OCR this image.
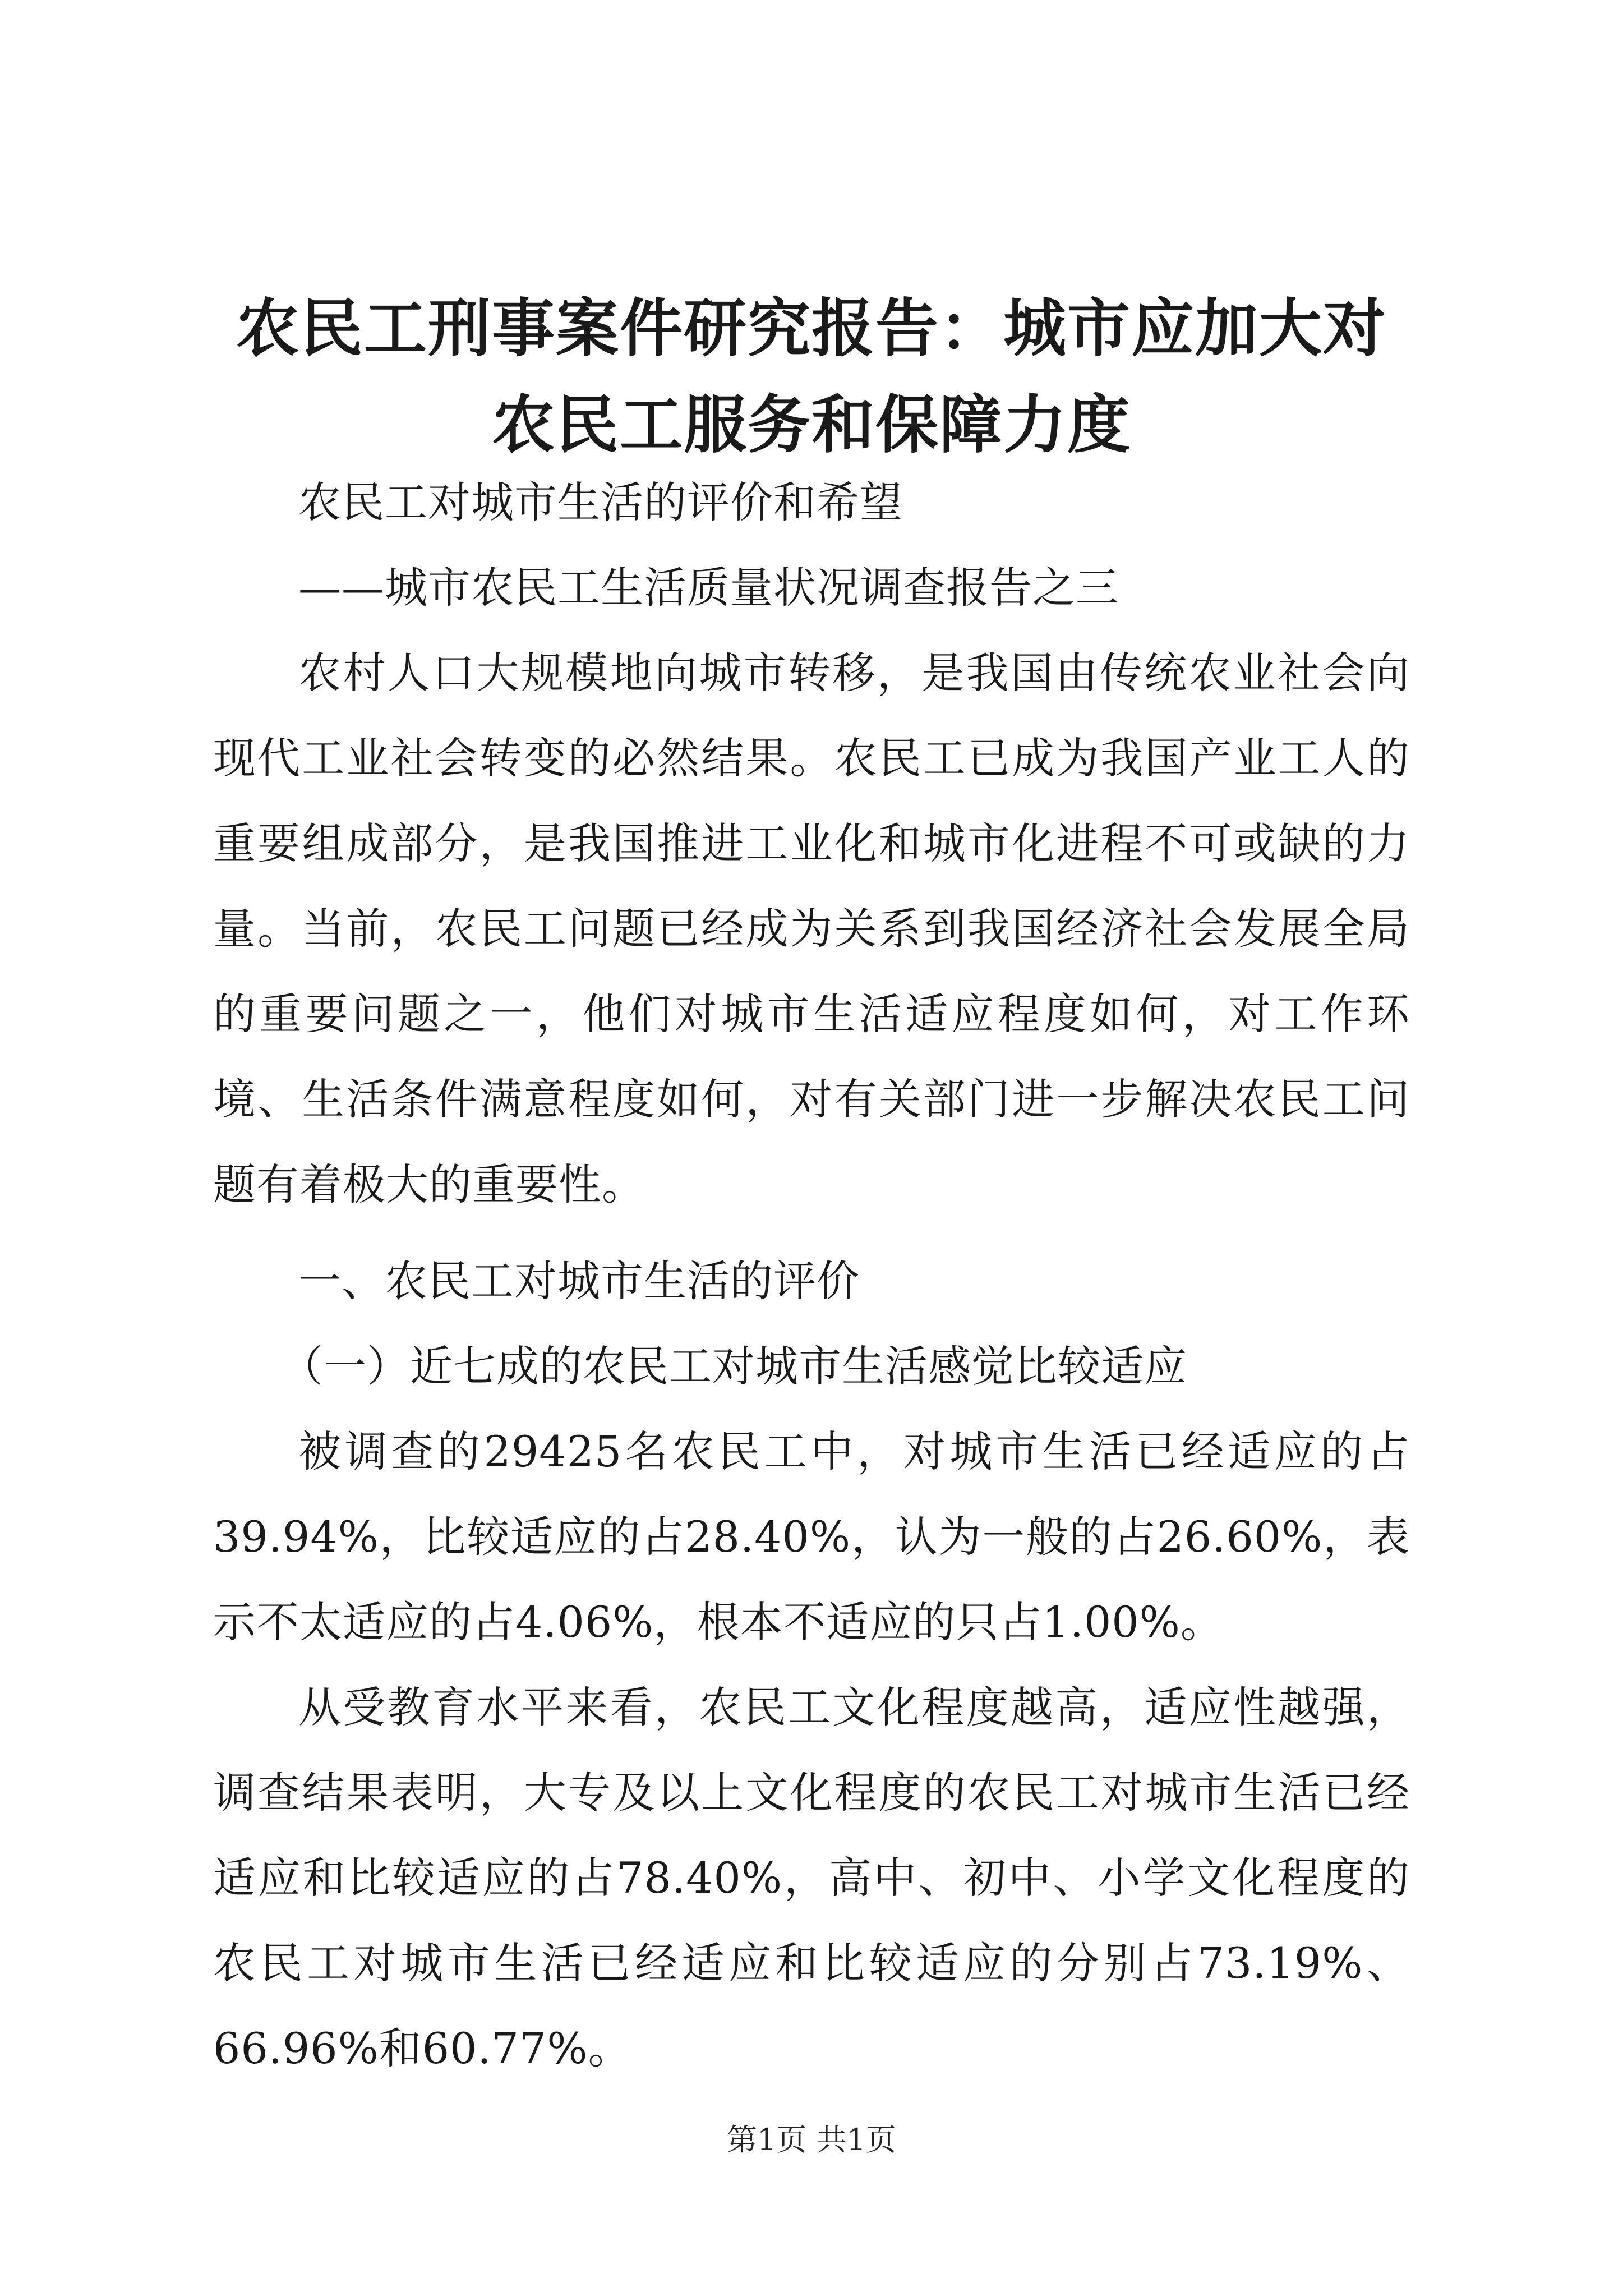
农民工刑事案件研究报告：城市应加大对农民工服务和保障力度

农民工对城市生活的评价和希望

——城市农民工生活质量状况调查报告之三

农村人口大规模地向城市转移，是我国由传统农业社会向现代工业社会转变的必然结果。农民工已成为我国产业工人的重要组成部分，是我国推进工业化和城市化进程不可或缺的力量。当前，农民工问题已经成为关系到我国经济社会发展全局的重要问题之一，他们对城市生活适应程度如何，对工作环境、生活条件满意程度如何，对有关部门进一步解决农民工问题有着极大的重要性。

一、农民工对城市生活的评价

（一）近七成的农民工对城市生活感觉比较适应

被调查的29425名农民工中，对城市生活已经适应的占39.94%，比较适应的占28.40%，认为一般的占26.60%，表示不太适应的占4.06%，根本不适应的只占1.00%。

从受教育水平来看，农民工文化程度越高，适应性越强，调查结果表明，大专及以上文化程度的农民工对城市生活已经适应和比较适应的占78.40%，高中、初中、小学文化程度的农民工对城市生活已经适应和比较适应的分别占73.19%、66.96%和60.77%。

第1页 共1页
